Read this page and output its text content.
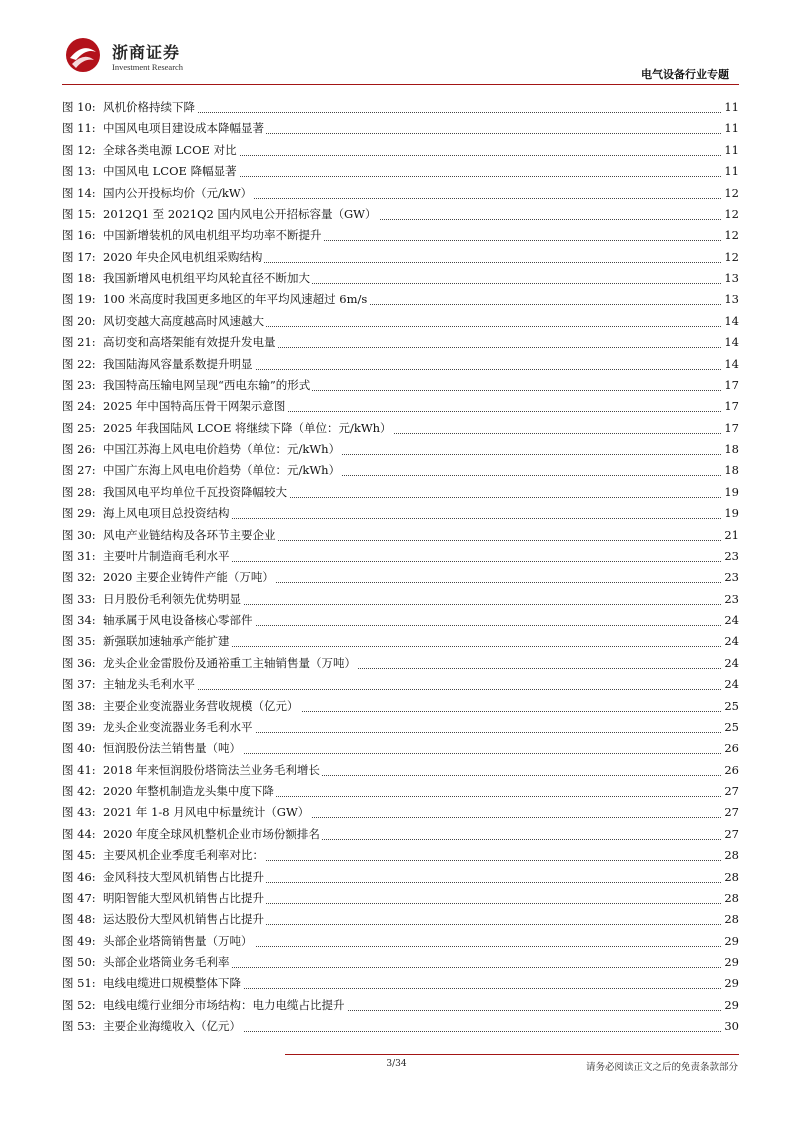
浙商证券
Investment Research
电气设备行业专题
图 10: 风机价格持续下降	11
图 11: 中国风电项目建设成本降幅显著	11
图 12: 全球各类电源 LCOE 对比	11
图 13: 中国风电 LCOE 降幅显著	11
图 14: 国内公开投标均价（元/kW）	12
图 15: 2012Q1 至 2021Q2 国内风电公开招标容量（GW）	12
图 16: 中国新增装机的风电机组平均功率不断提升	12
图 17: 2020 年央企风电机组采购结构	12
图 18: 我国新增风电机组平均风轮直径不断加大	13
图 19: 100 米高度时我国更多地区的年平均风速超过 6m/s	13
图 20: 风切变越大高度越高时风速越大	14
图 21: 高切变和高塔架能有效提升发电量	14
图 22: 我国陆海风容量系数提升明显	14
图 23: 我国特高压输电网呈现“西电东输”的形式	17
图 24: 2025 年中国特高压骨干网架示意图	17
图 25: 2025 年我国陆风 LCOE 将继续下降（单位：元/kWh）	17
图 26: 中国江苏海上风电电价趋势（单位：元/kWh）	18
图 27: 中国广东海上风电电价趋势（单位：元/kWh）	18
图 28: 我国风电平均单位千瓦投资降幅较大	19
图 29: 海上风电项目总投资结构	19
图 30: 风电产业链结构及各环节主要企业	21
图 31: 主要叶片制造商毛利水平	23
图 32: 2020 主要企业铸件产能（万吨）	23
图 33: 日月股份毛利领先优势明显	23
图 34: 轴承属于风电设备核心零部件	24
图 35: 新强联加速轴承产能扩建	24
图 36: 龙头企业金雷股份及通裕重工主轴销售量（万吨）	24
图 37: 主轴龙头毛利水平	24
图 38: 主要企业变流器业务营收规模（亿元）	25
图 39: 龙头企业变流器业务毛利水平	25
图 40: 恒润股份法兰销售量（吨）	26
图 41: 2018 年来恒润股份塔筒法兰业务毛利增长	26
图 42: 2020 年整机制造龙头集中度下降	27
图 43: 2021 年 1-8 月风电中标量统计（GW）	27
图 44: 2020 年度全球风机整机企业市场份额排名	27
图 45: 主要风机企业季度毛利率对比：	28
图 46: 金风科技大型风机销售占比提升	28
图 47: 明阳智能大型风机销售占比提升	28
图 48: 运达股份大型风机销售占比提升	28
图 49: 头部企业塔筒销售量（万吨）	29
图 50: 头部企业塔筒业务毛利率	29
图 51: 电线电缆进口规模整体下降	29
图 52: 电线电缆行业细分市场结构：电力电缆占比提升	29
图 53: 主要企业海缆收入（亿元）	30
3/34	请务必阅读正文之后的免责条款部分
